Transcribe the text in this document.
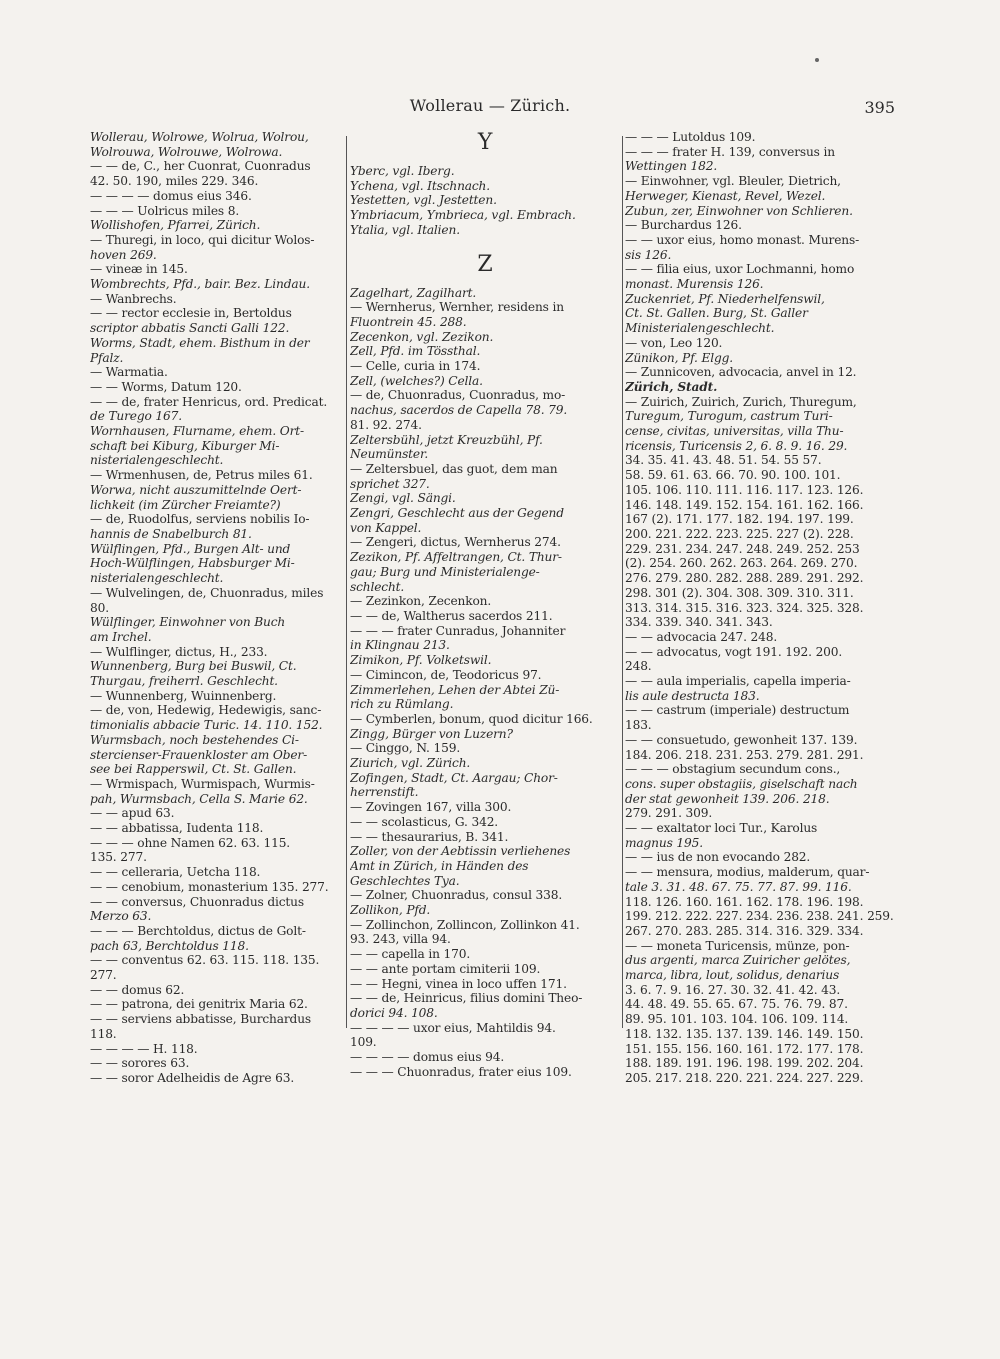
Wollerau — Zürich.	395
Wollerau, Wolrowe, Wolrua, Wolrou,
Wolrouwa, Wolrouwe, Wolrowa.
— — de, C., her Cuonrat, Cuonradus
42. 50. 190, miles 229. 346.
— — — — domus eius 346.
— — — Uolricus miles 8.
Wollishofen, Pfarrei, Zürich.
— Thuregi, in loco, qui dicitur Wolos-
hoven 269.
— vineæ in 145.
Wombrechts, Pfd., bair. Bez. Lindau.
— Wanbrechs.
— — rector ecclesie in, Bertoldus
scriptor abbatis Sancti Galli 122.
Worms, Stadt, ehem. Bisthum in der
Pfalz.
— Warmatia.
— — Worms, Datum 120.
— — de, frater Henricus, ord. Predicat.
de Turego 167.
Wornhausen, Flurname, ehem. Ort-
schaft bei Kiburg, Kiburger Mi-
nisterialengeschlecht.
— Wrmenhusen, de, Petrus miles 61.
Worwa, nicht auszumittelnde Oert-
lichkeit (im Zürcher Freiamte?)
— de, Ruodolfus, serviens nobilis Io-
hannis de Snabelburch 81.
Wülflingen, Pfd., Burgen Alt- und
Hoch-Wülflingen, Habsburger Mi-
nisterialengeschlecht.
— Wulvelingen, de, Chuonradus, miles
80.
Wülflinger, Einwohner von Buch
am Irchel.
— Wulflinger, dictus, H., 233.
Wunnenberg, Burg bei Buswil, Ct.
Thurgau, freiherrl. Geschlecht.
— Wunnenberg, Wuinnenberg.
— de, von, Hedewig, Hedewigis, sanc-
timonialis abbacie Turic. 14. 110. 152.
Wurmsbach, noch bestehendes Ci-
stercienser-Frauenkloster am Ober-
see bei Rapperswil, Ct. St. Gallen.
— Wrmispach, Wurmispach, Wurmis-
pah, Wurmsbach, Cella S. Marie 62.
— — apud 63.
— — abbatissa, Iudenta 118.
— — — ohne Namen 62. 63. 115.
135. 277.
— — celleraria, Uetcha 118.
— — cenobium, monasterium 135. 277.
— — conversus, Chuonradus dictus
Merzo 63.
— — — Berchtoldus, dictus de Golt-
pach 63, Berchtoldus 118.
— — conventus 62. 63. 115. 118. 135.
277.
— — domus 62.
— — patrona, dei genitrix Maria 62.
— — serviens abbatisse, Burchardus
118.
— — — — H. 118.
— — sorores 63.
— — soror Adelheidis de Agre 63.
Y
Yberc, vgl. Iberg.
Ychena, vgl. Itschnach.
Yestetten, vgl. Jestetten.
Ymbriacum, Ymbrieca, vgl. Embrach.
Ytalia, vgl. Italien.
Z
Zagelhart, Zagilhart.
— Wernherus, Wernher, residens in
Fluontrein 45. 288.
Zecenkon, vgl. Zezikon.
Zell, Pfd. im Tössthal.
— Celle, curia in 174.
Zell, (welches?) Cella.
— de, Chuonradus, Cuonradus, mo-
nachus, sacerdos de Capella 78. 79.
81. 92. 274.
Zeltersbühl, jetzt Kreuzbühl, Pf.
Neumünster.
— Zeltersbuel, das guot, dem man
sprichet 327.
Zengi, vgl. Sängi.
Zengri, Geschlecht aus der Gegend
von Kappel.
— Zengeri, dictus, Wernherus 274.
Zezikon, Pf. Affeltrangen, Ct. Thur-
gau; Burg und Ministerialenge-
schlecht.
— Zezinkon, Zecenkon.
— — de, Waltherus sacerdos 211.
— — — frater Cunradus, Johanniter
in Klingnau 213.
Zimikon, Pf. Volketswil.
— Cimincon, de, Teodoricus 97.
Zimmerlehen, Lehen der Abtei Zü-
rich zu Rümlang.
— Cymberlen, bonum, quod dicitur 166.
Zingg, Bürger von Luzern?
— Cinggo, N. 159.
Ziurich, vgl. Zürich.
Zofingen, Stadt, Ct. Aargau; Chor-
herrenstift.
— Zovingen 167, villa 300.
— — scolasticus, G. 342.
— — thesaurarius, B. 341.
Zoller, von der Aebtissin verliehenes
Amt in Zürich, in Händen des
Geschlechtes Tya.
— Zolner, Chuonradus, consul 338.
Zollikon, Pfd.
— Zollinchon, Zollincon, Zollinkon 41.
93. 243, villa 94.
— — capella in 170.
— — ante portam cimiterii 109.
— — Hegni, vinea in loco uffen 171.
— — de, Heinricus, filius domini Theo-
dorici 94. 108.
— — — — uxor eius, Mahtildis 94.
109.
— — — — domus eius 94.
— — — Chuonradus, frater eius 109.
— — — Lutoldus 109.
— — — frater H. 139, conversus in
Wettingen 182.
— Einwohner, vgl. Bleuler, Dietrich,
Herweger, Kienast, Revel, Wezel.
Zubun, zer, Einwohner von Schlieren.
— Burchardus 126.
— — uxor eius, homo monast. Murens-
sis 126.
— — filia eius, uxor Lochmanni, homo
monast. Murensis 126.
Zuckenriet, Pf. Niederhelfenswil,
Ct. St. Gallen. Burg, St. Galler
Ministerialengeschlecht.
— von, Leo 120.
Zünikon, Pf. Elgg.
— Zunnicoven, advocacia, anvel in 12.
Zürich, Stadt.
— Zuirich, Zuirich, Zurich, Thuregum,
Turegum, Turogum, castrum Turi-
cense, civitas, universitas, villa Thu-
ricensis, Turicensis 2, 6. 8. 9. 16. 29.
34. 35. 41. 43. 48. 51. 54. 55 57.
58. 59. 61. 63. 66. 70. 90. 100. 101.
105. 106. 110. 111. 116. 117. 123. 126.
146. 148. 149. 152. 154. 161. 162. 166.
167 (2). 171. 177. 182. 194. 197. 199.
200. 221. 222. 223. 225. 227 (2). 228.
229. 231. 234. 247. 248. 249. 252. 253
(2). 254. 260. 262. 263. 264. 269. 270.
276. 279. 280. 282. 288. 289. 291. 292.
298. 301 (2). 304. 308. 309. 310. 311.
313. 314. 315. 316. 323. 324. 325. 328.
334. 339. 340. 341. 343.
— — advocacia 247. 248.
— — advocatus, vogt 191. 192. 200.
248.
— — aula imperialis, capella imperia-
lis aule destructa 183.
— — castrum (imperiale) destructum
183.
— — consuetudo, gewonheit 137. 139.
184. 206. 218. 231. 253. 279. 281. 291.
— — — obstagium secundum cons.,
cons. super obstagiis, giselschaft nach
der stat gewonheit 139. 206. 218.
279. 291. 309.
— — exaltator loci Tur., Karolus
magnus 195.
— — ius de non evocando 282.
— — mensura, modius, malderum, quar-
tale 3. 31. 48. 67. 75. 77. 87. 99. 116.
118. 126. 160. 161. 162. 178. 196. 198.
199. 212. 222. 227. 234. 236. 238. 241. 259.
267. 270. 283. 285. 314. 316. 329. 334.
— — moneta Turicensis, münze, pon-
dus argenti, marca Zuiricher gelötes,
marca, libra, lout, solidus, denarius
3. 6. 7. 9. 16. 27. 30. 32. 41. 42. 43.
44. 48. 49. 55. 65. 67. 75. 76. 79. 87.
89. 95. 101. 103. 104. 106. 109. 114.
118. 132. 135. 137. 139. 146. 149. 150.
151. 155. 156. 160. 161. 172. 177. 178.
188. 189. 191. 196. 198. 199. 202. 204.
205. 217. 218. 220. 221. 224. 227. 229.
